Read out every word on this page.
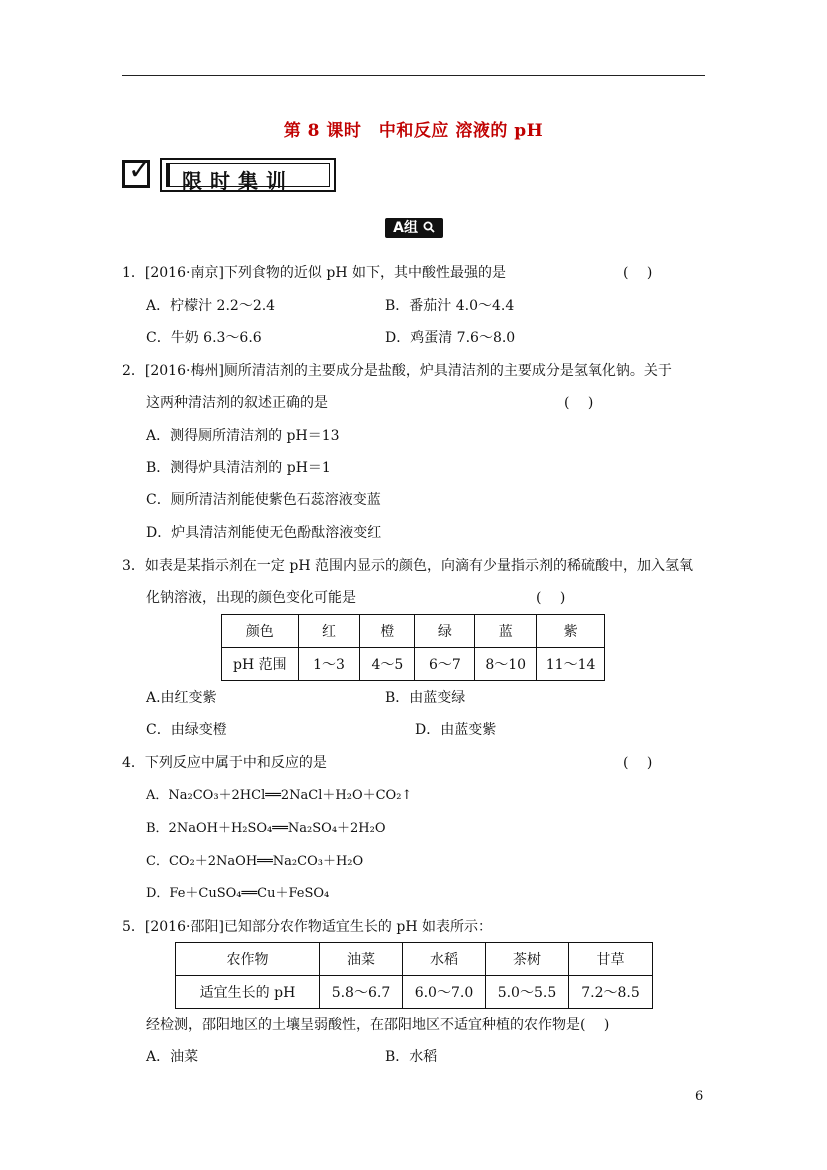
第 8 课时　中和反应 溶液的 pH
✓ 限时集训
A组
1．[2016·南京]下列食物的近似 pH 如下，其中酸性最强的是	(　 )
A．柠檬汁 2.2～2.4	B．番茄汁 4.0～4.4
C．牛奶 6.3～6.6	D．鸡蛋清 7.6～8.0
2．[2016·梅州]厕所清洁剂的主要成分是盐酸，炉具清洁剂的主要成分是氢氧化钠。关于
这两种清洁剂的叙述正确的是	(　 )
A．测得厕所清洁剂的 pH＝13
B．测得炉具清洁剂的 pH＝1
C．厕所清洁剂能使紫色石蕊溶液变蓝
D．炉具清洁剂能使无色酚酞溶液变红
3．如表是某指示剂在一定 pH 范围内显示的颜色，向滴有少量指示剂的稀硫酸中，加入氢氧
化钠溶液，出现的颜色变化可能是	(　 )
颜色	红	橙	绿	蓝	紫
pH 范围	1～3	4～5	6～7	8～10	11～14
A.由红变紫	B．由蓝变绿
C．由绿变橙	D．由蓝变紫
4．下列反应中属于中和反应的是	(　 )
A．Na₂CO₃＋2HCl══2NaCl＋H₂O＋CO₂↑
B．2NaOH＋H₂SO₄══Na₂SO₄＋2H₂O
C．CO₂＋2NaOH══Na₂CO₃＋H₂O
D．Fe＋CuSO₄══Cu＋FeSO₄
5．[2016·邵阳]已知部分农作物适宜生长的 pH 如表所示：
农作物	油菜	水稻	茶树	甘草
适宜生长的 pH	5.8～6.7	6.0～7.0	5.0～5.5	7.2～8.5
经检测，邵阳地区的土壤呈弱酸性，在邵阳地区不适宜种植的农作物是(　 )
A．油菜	B．水稻
6
